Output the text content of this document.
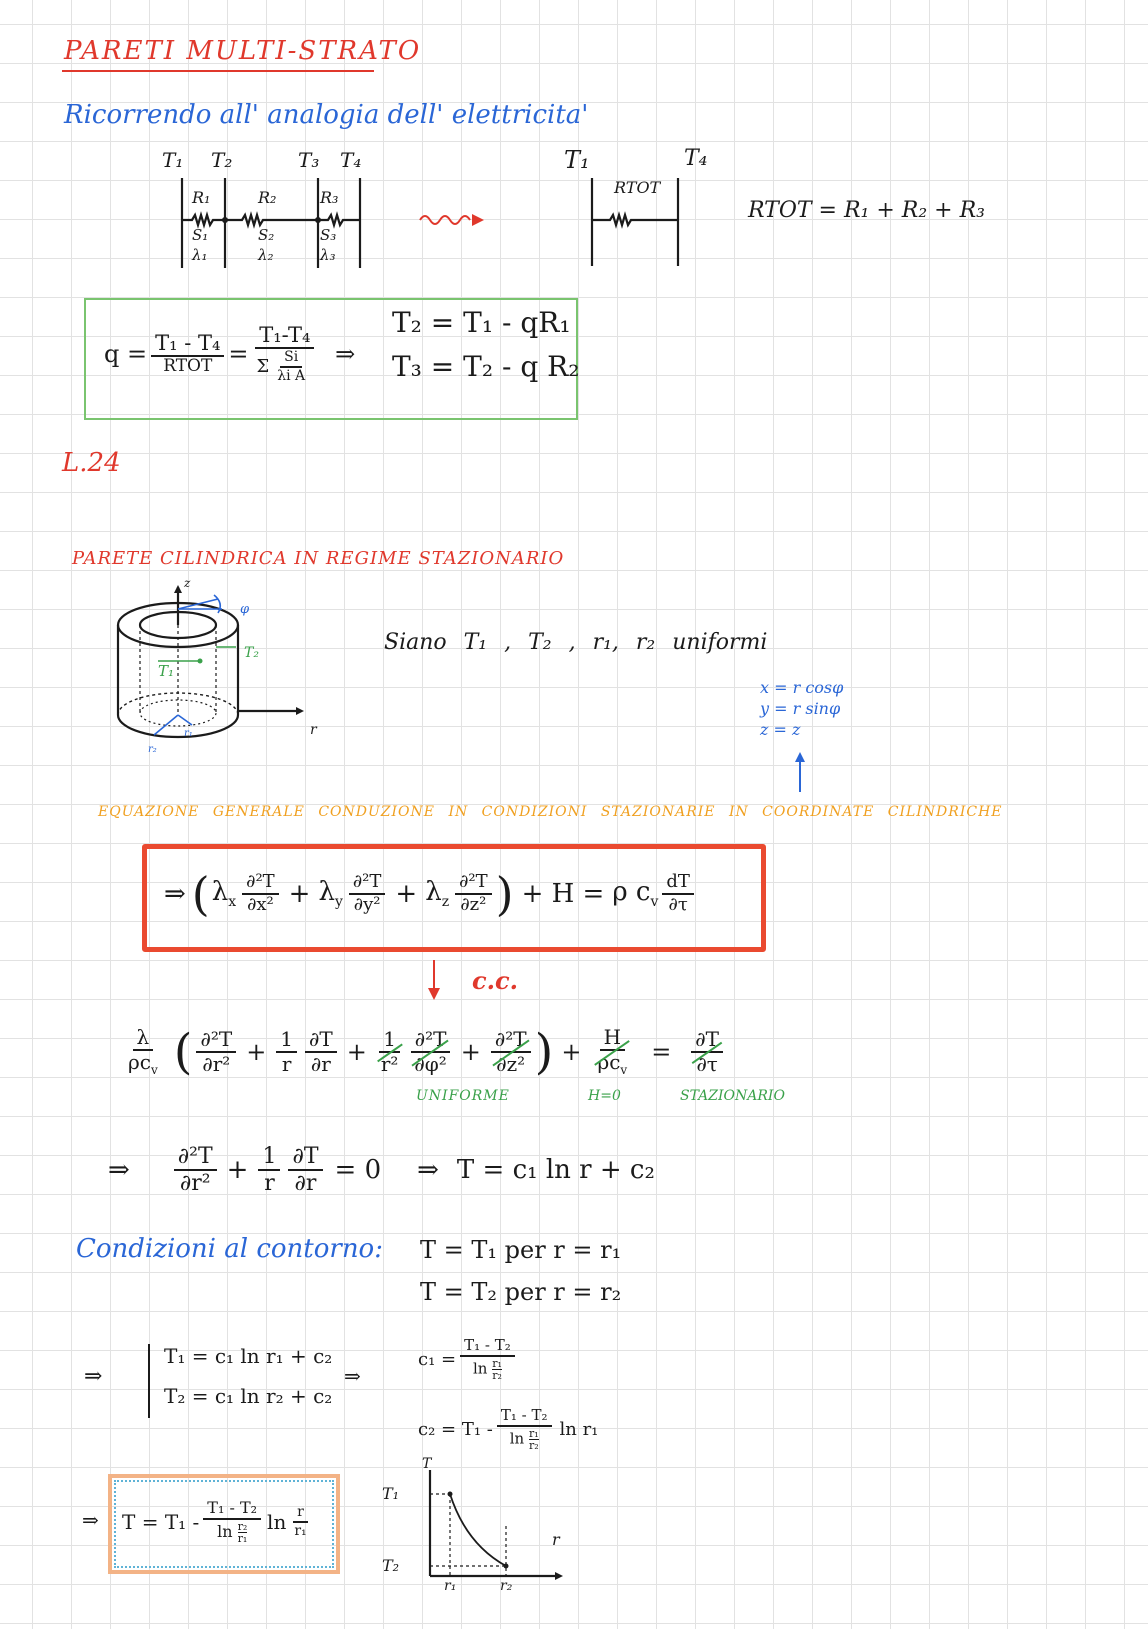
PARETI MULTI-STRATO
Ricorrendo all' analogia dell' elettricita'
T₁ T₂	T₃ T₄
R₁	R₂	R₃
S₁	S₂	S₃
λ₁	λ₂	λ₃
T₁	T₄
RTOT
RTOT = R₁ + R₂ + R₃
$q = \frac{\text{T₁ - T₄}}{\text{RTOT}} = \frac{\text{T₁-T₄}}{\Sigma \frac{Si}{\text{λi A}}}$ ⇒
T₂ = T₁ - qR₁
T₃ = T₂ - q R₂
L.24
PARETE CILINDRICA IN REGIME STAZIONARIO
z
φ
T₁
T₂
r
r₁
r₂
Siano T₁ , T₂ , r₁, r₂ uniformi
x = r cosφ
y = r sinφ
z = z
EQUAZIONE GENERALE CONDUZIONE IN CONDIZIONI STAZIONARIE IN COORDINATE CILINDRICHE
⇒ ( $\lambda_x \frac{\text{∂²T}}{\text{∂x²}} + \lambda_y \frac{\text{∂²T}}{\text{∂y²}} + \lambda_z \frac{\text{∂²T}}{\text{∂z²}}$ ) + H = ρ $c_v \frac{dT}{\partial\tau}$
c.c.
$\frac{\lambda}{\rho c_v}$ ( $\frac{\text{∂²T}}{\text{∂r²}} + \frac{1}{r} \frac{\partial T}{\partial r} + \frac{1}{\text{r²}} \frac{\text{∂²T}}{\text{∂φ²}} + \frac{\text{∂²T}}{\text{∂z²}}$ ) + $\frac{H}{\rho c_v} = \frac{\partial T}{\partial\tau}$
UNIFORME	H=0	STAZIONARIO
⇒ $\frac{\text{∂²T}}{\text{∂r²}} + \frac{1}{r} \frac{\partial T}{\partial r} = 0$ ⇒ T = c₁ ln r + c₂
Condizioni al contorno: T = T₁ per r = r₁
T = T₂ per r = r₂
⇒
T₁ = c₁ ln r₁ + c₂
T₂ = c₁ ln r₂ + c₂
⇒
$c_1 = \frac{\text{T₁ - T₂}}{\ln \frac{\text{r₁}}{\text{r₂}}}$
$c_2 = T_1 - \frac{\text{T₁ - T₂}}{\ln \frac{\text{r₁}}{\text{r₂}}}$ ln r₁
⇒ $T = T_1 - \frac{\text{T₁ - T₂}}{\ln \frac{\text{r₂}}{\text{r₁}}}$ $\ln \frac{r}{\text{r₁}}$
T
T₁
T₂
r
r₁	r₂
